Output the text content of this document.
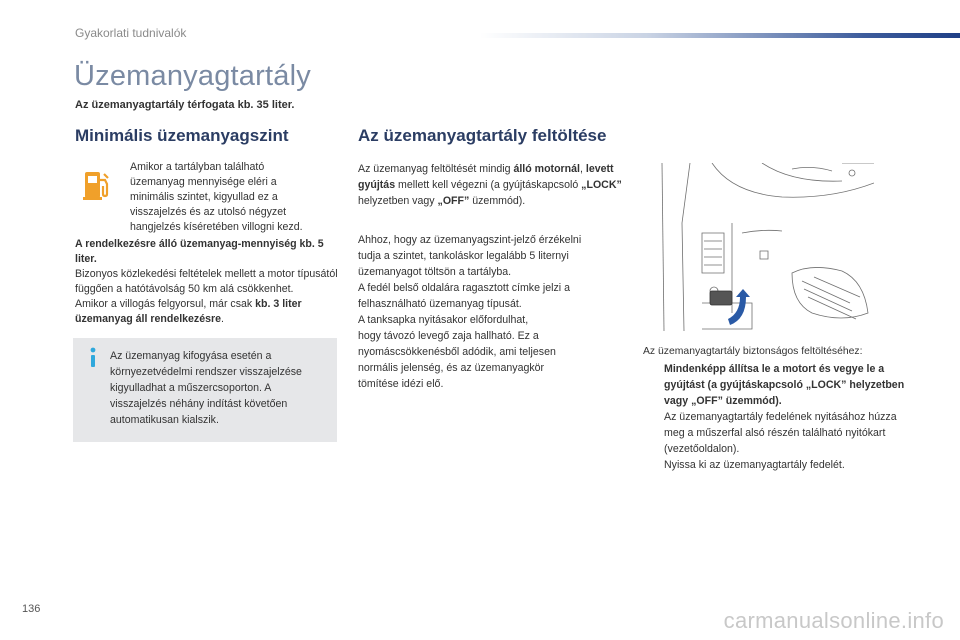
Gyakorlati tudnivalók
Üzemanyagtartály
Az üzemanyagtartály térfogata kb. 35 liter.
Minimális üzemanyagszint
Amikor a tartályban található
üzemanyag mennyisége eléri a
minimális szintet, kigyullad ez a
visszajelzés és az utolsó négyzet
hangjelzés kíséretében villogni kezd.
A rendelkezésre álló üzemanyag-mennyiség kb. 5 liter.
Bizonyos közlekedési feltételek mellett a motor típusától függően a hatótávolság 50 km alá csökkenhet.
Amikor a villogás felgyorsul, már csak kb. 3 liter üzemanyag áll rendelkezésre.
Az üzemanyag kifogyása esetén a
környezetvédelmi rendszer visszajelzése
kigyulladhat a műszercsoporton. A
visszajelzés néhány indítást követően
automatikusan kialszik.
Az üzemanyagtartály feltöltése
Az üzemanyag feltöltését mindig álló motornál, levett gyújtás mellett kell végezni (a gyújtáskapcsoló „LOCK” helyzetben vagy „OFF” üzemmód).
Ahhoz, hogy az üzemanyagszint-jelző érzékelni
tudja a szintet, tankoláskor legalább 5 liternyi
üzemanyagot töltsön a tartályba.
A fedél belső oldalára ragasztott címke jelzi a
felhasználható üzemanyag típusát.
A tanksapka nyitásakor előfordulhat,
hogy távozó levegő zaja hallható. Ez a
nyomáscsökkenésből adódik, ami teljesen
normális jelenség, és az üzemanyagkör
tömítése idézi elő.
Az üzemanyagtartály biztonságos feltöltéséhez:
Mindenképp állítsa le a motort és vegye le a gyújtást (a gyújtáskapcsoló „LOCK” helyzetben vagy „OFF” üzemmód).
Az üzemanyagtartály fedelének nyitásához húzza meg a műszerfal alsó részén található nyitókart (vezetőoldalon).
Nyissa ki az üzemanyagtartály fedelét.
136	carmanualsonline.info
